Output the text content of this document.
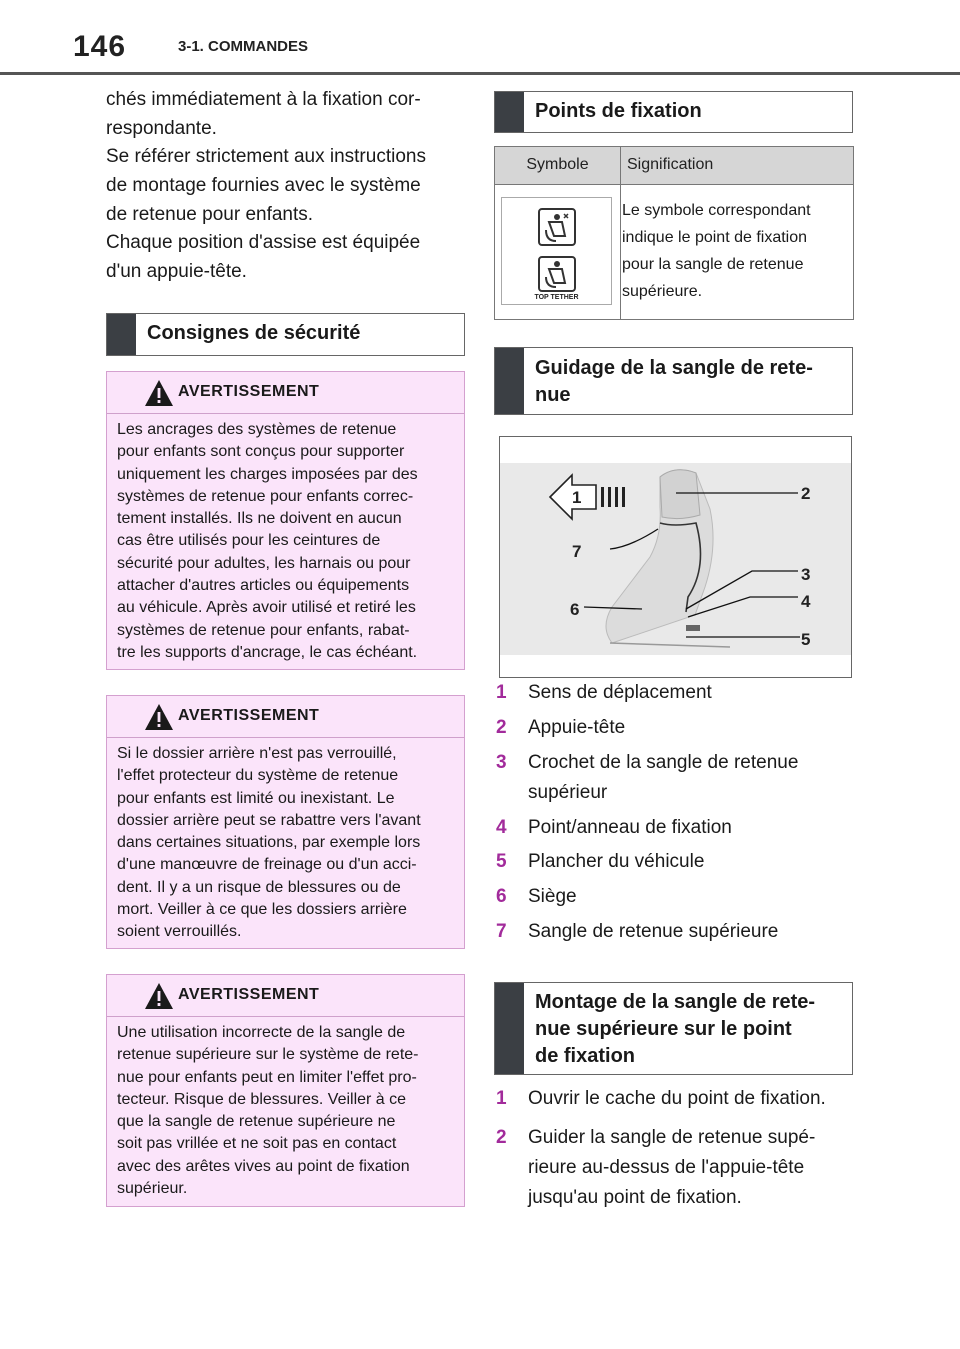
146	3-1. COMMANDES
chés immédiatement à la fixation cor-
respondante.
Se référer strictement aux instructions
de montage fournies avec le système
de retenue pour enfants.
Chaque position d'assise est équipée
d'un appuie-tête.
Consignes de sécurité
AVERTISSEMENT
Les ancrages des systèmes de retenue
pour enfants sont conçus pour supporter
uniquement les charges imposées par des
systèmes de retenue pour enfants correc-
tement installés. Ils ne doivent en aucun
cas être utilisés pour les ceintures de
sécurité pour adultes, les harnais ou pour
attacher d'autres articles ou équipements
au véhicule. Après avoir utilisé et retiré les
systèmes de retenue pour enfants, rabat-
tre les supports d'ancrage, le cas échéant.
AVERTISSEMENT
Si le dossier arrière n'est pas verrouillé,
l'effet protecteur du système de retenue
pour enfants est limité ou inexistant. Le
dossier arrière peut se rabattre vers l'avant
dans certaines situations, par exemple lors
d'une manœuvre de freinage ou d'un acci-
dent. Il y a un risque de blessures ou de
mort. Veiller à ce que les dossiers arrière
soient verrouillés.
AVERTISSEMENT
Une utilisation incorrecte de la sangle de
retenue supérieure sur le système de rete-
nue pour enfants peut en limiter l'effet pro-
tecteur. Risque de blessures. Veiller à ce
que la sangle de retenue supérieure ne
soit pas vrillée et ne soit pas en contact
avec des arêtes vives au point de fixation
supérieur.
Points de fixation
Symbole	Signification
TOP TETHER
Le symbole correspondant
indique le point de fixation
pour la sangle de retenue
supérieure.
Guidage de la sangle de rete-
nue
1	2
3
4
5
6
7
1 Sens de déplacement
2 Appuie-tête
3 Crochet de la sangle de retenue
supérieur
4 Point/anneau de fixation
5 Plancher du véhicule
6 Siège
7 Sangle de retenue supérieure
Montage de la sangle de rete-
nue supérieure sur le point
de fixation
1 Ouvrir le cache du point de fixation.
2 Guider la sangle de retenue supé-
rieure au-dessus de l'appuie-tête
jusqu'au point de fixation.
